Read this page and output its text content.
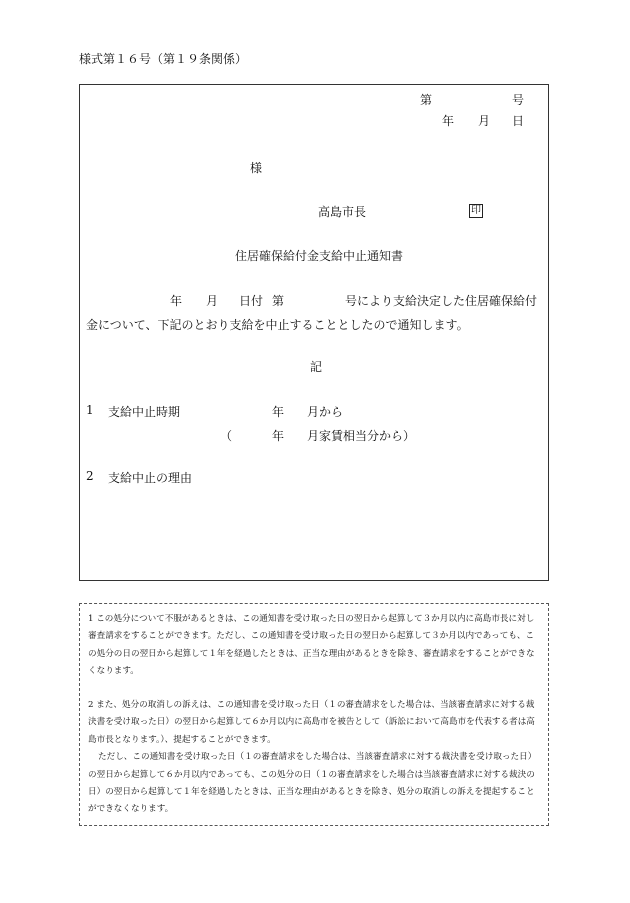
様式第１６号（第１９条関係）
第	号
年 月 日
様
高島市長	印
住居確保給付金支給中止通知書
年 月 日付 第	号により支給決定した住居確保給付
金について、下記のとおり支給を中止することとしたので通知します。
記
1 支給中止時期	年 月から
（	年 月家賃相当分から）
2 支給中止の理由

1 この処分について不服があるときは、この通知書を受け取った日の翌日から起算して３か月以内に高島市長に対し審査請求をすることができます。ただし、この通知書を受け取った日の翌日から起算して３か月以内であっても、この処分の日の翌日から起算して１年を経過したときは、正当な理由があるときを除き、審査請求をすることができなくなります。

2 また、処分の取消しの訴えは、この通知書を受け取った日（１の審査請求をした場合は、当該審査請求に対する裁決書を受け取った日）の翌日から起算して６か月以内に高島市を被告として（訴訟において高島市を代表する者は高島市長となります。）、提起することができます。

ただし、この通知書を受け取った日（１の審査請求をした場合は、当該審査請求に対する裁決書を受け取った日）の翌日から起算して６か月以内であっても、この処分の日（１の審査請求をした場合は当該審査請求に対する裁決の日）の翌日から起算して１年を経過したときは、正当な理由があるときを除き、処分の取消しの訴えを提起することができなくなります。
